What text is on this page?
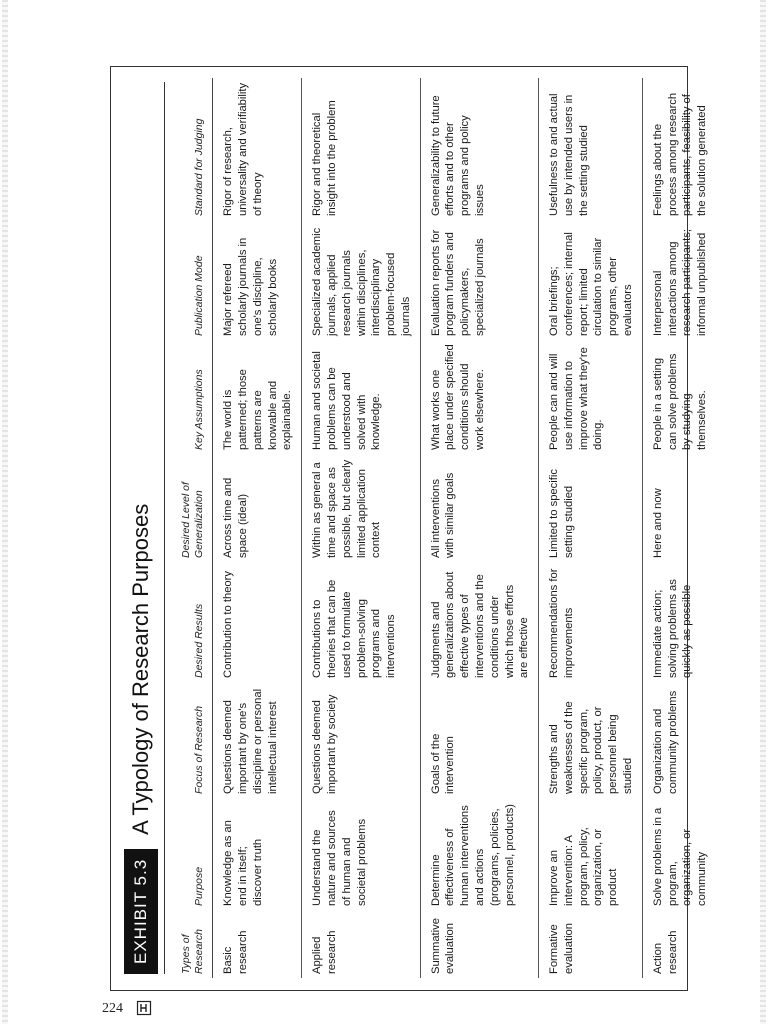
EXHIBIT 5.3
A Typology of Research Purposes
Types of Research	Purpose	Focus of Research	Desired Results	Desired Level of Generalization	Key Assumptions	Publication Mode	Standard for Judging
Basic research	Knowledge as an end in itself; discover truth	Questions deemed important by one's discipline or personal intellectual interest	Contribution to theory	Across time and space (ideal)	The world is patterned; those patterns are knowable and explainable.	Major refereed scholarly journals in one's discipline, scholarly books	Rigor of research, universality and verifiability of theory
Applied research	Understand the nature and sources of human and societal problems	Questions deemed important by society	Contributions to theories that can be used to formulate problem-solving programs and interventions	Within as general a time and space as possible, but clearly limited application context	Human and societal problems can be understood and solved with knowledge.	Specialized academic journals, applied research journals within disciplines, interdisciplinary problem-focused journals	Rigor and theoretical insight into the problem
Summative evaluation	Determine effectiveness of human interventions and actions (programs, policies, personnel, products)	Goals of the intervention	Judgments and generalizations about effective types of interventions and the conditions under which those efforts are effective	All interventions with similar goals	What works one place under specified conditions should work elsewhere.	Evaluation reports for program funders and policymakers, specialized journals	Generalizability to future efforts and to other programs and policy issues
Formative evaluation	Improve an intervention: A program, policy, organization, or product	Strengths and weaknesses of the specific program, policy, product, or personnel being studied	Recommendations for improvements	Limited to specific setting studied	People can and will use information to improve what they're doing.	Oral briefings; conferences; internal report; limited circulation to similar programs, other evaluators	Usefulness to and actual use by intended users in the setting studied
Action research	Solve problems in a program, organization, or community	Organization and community problems	Immediate action; solving problems as quickly as possible	Here and now	People in a setting can solve problems by studying themselves.	Interpersonal interactions among research participants; informal unpublished	Feelings about the process among research participants, feasibility of the solution generated
224
